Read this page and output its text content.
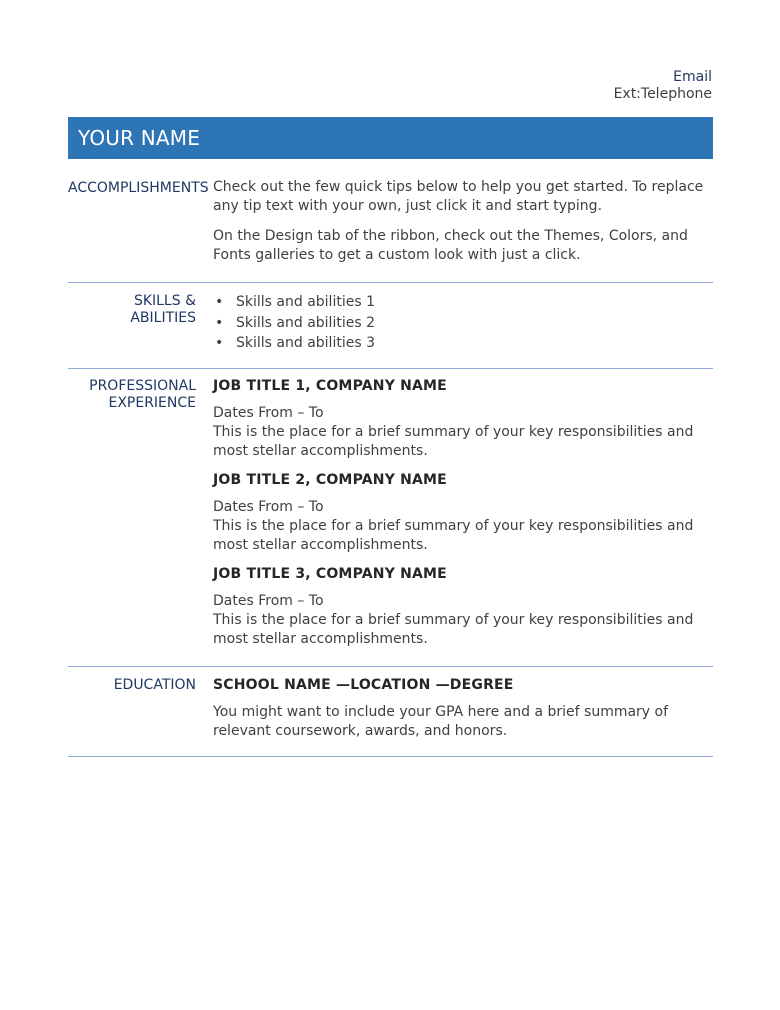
Email
Ext:Telephone
YOUR NAME
ACCOMPLISHMENTS Check out the few quick tips below to help you get started. To replace any tip text with your own, just click it and start typing.

On the Design tab of the ribbon, check out the Themes, Colors, and Fonts galleries to get a custom look with just a click.

SKILLS & ABILITIES
• Skills and abilities 1
• Skills and abilities 2
• Skills and abilities 3
PROFESSIONAL
EXPERIENCE
JOB TITLE 1, COMPANY NAME

Dates From – To

This is the place for a brief summary of your key responsibilities and most stellar accomplishments.

JOB TITLE 2, COMPANY NAME

Dates From – To

This is the place for a brief summary of your key responsibilities and most stellar accomplishments.

JOB TITLE 3, COMPANY NAME

Dates From – To

This is the place for a brief summary of your key responsibilities and most stellar accomplishments.

EDUCATION SCHOOL NAME —LOCATION —DEGREE

You might want to include your GPA here and a brief summary of relevant coursework, awards, and honors.
